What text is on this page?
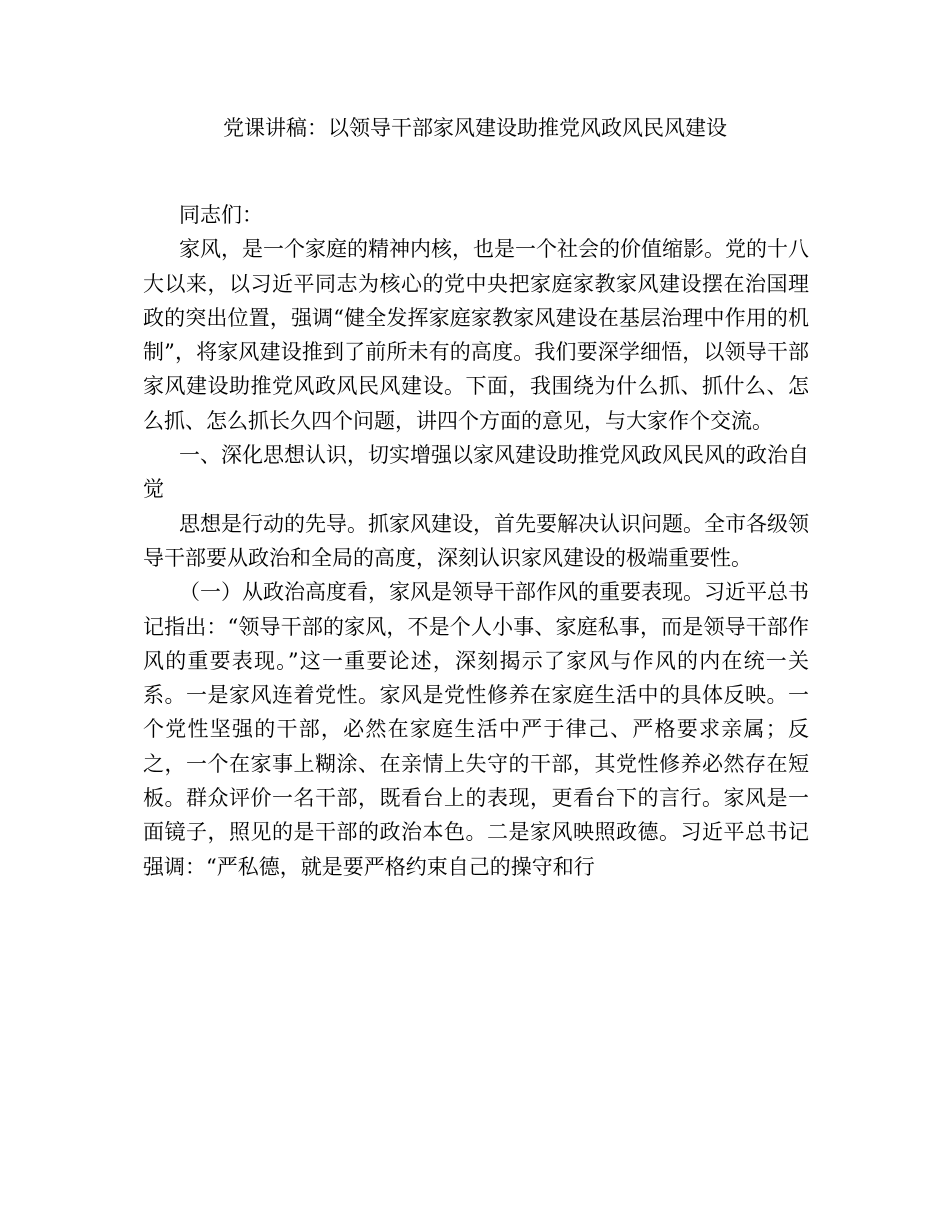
党课讲稿：以领导干部家风建设助推党风政风民风建设

同志们：

家风，是一个家庭的精神内核，也是一个社会的价值缩影。党的十八大以来，以习近平同志为核心的党中央把家庭家教家风建设摆在治国理政的突出位置，强调“健全发挥家庭家教家风建设在基层治理中作用的机制”，将家风建设推到了前所未有的高度。我们要深学细悟，以领导干部家风建设助推党风政风民风建设。下面，我围绕为什么抓、抓什么、怎么抓、怎么抓长久四个问题，讲四个方面的意见，与大家作个交流。

一、深化思想认识，切实增强以家风建设助推党风政风民风的政治自觉

思想是行动的先导。抓家风建设，首先要解决认识问题。全市各级领导干部要从政治和全局的高度，深刻认识家风建设的极端重要性。

（一）从政治高度看，家风是领导干部作风的重要表现。习近平总书记指出：“领导干部的家风，不是个人小事、家庭私事，而是领导干部作风的重要表现。”这一重要论述，深刻揭示了家风与作风的内在统一关系。一是家风连着党性。家风是党性修养在家庭生活中的具体反映。一个党性坚强的干部，必然在家庭生活中严于律己、严格要求亲属；反之，一个在家事上糊涂、在亲情上失守的干部，其党性修养必然存在短板。群众评价一名干部，既看台上的表现，更看台下的言行。家风是一面镜子，照见的是干部的政治本色。二是家风映照政德。习近平总书记强调：“严私德，就是要严格约束自己的操守和行
